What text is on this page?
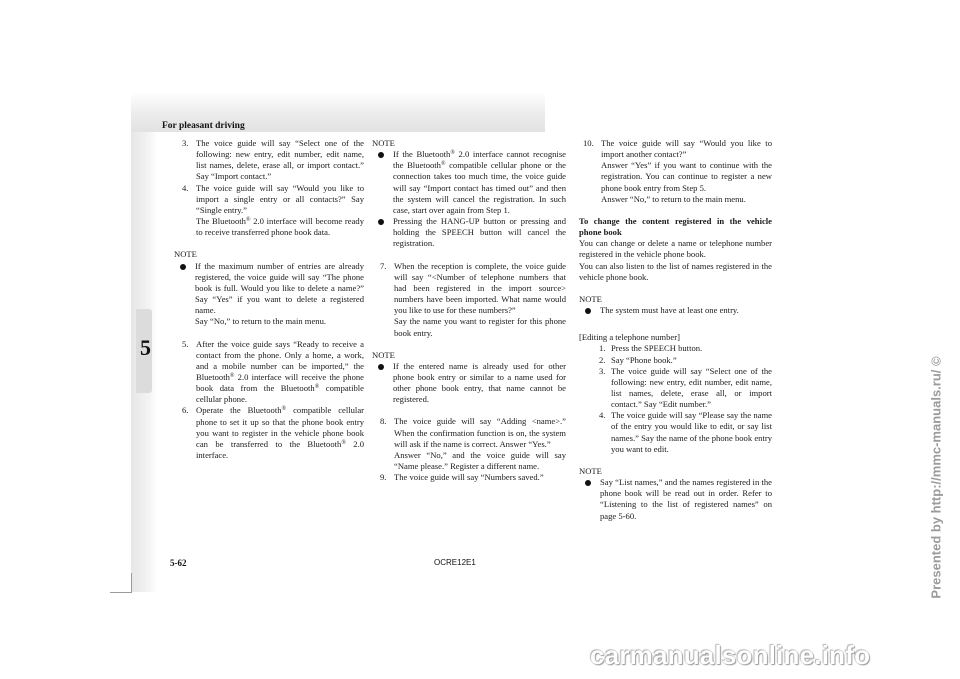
For pleasant driving
5

3. The voice guide will say “Select one of the following: new entry, edit number, edit name, list names, delete, erase all, or import contact.” Say “Import contact.”

4. The voice guide will say “Would you like to import a single entry or all contacts?” Say “Single entry.”
The Bluetooth® 2.0 interface will become ready to receive transferred phone book data.

NOTE

If the maximum number of entries are already registered, the voice guide will say “The phone book is full. Would you like to delete a name?” Say “Yes” if you want to delete a registered name.
Say “No,” to return to the main menu.

5. After the voice guide says “Ready to receive a contact from the phone. Only a home, a work, and a mobile number can be imported,” the Bluetooth® 2.0 interface will receive the phone book data from the Bluetooth® compatible cellular phone.

6. Operate the Bluetooth® compatible cellular phone to set it up so that the phone book entry you want to register in the vehicle phone book can be transferred to the Bluetooth® 2.0 interface.

NOTE

If the Bluetooth® 2.0 interface cannot recognise the Bluetooth® compatible cellular phone or the connection takes too much time, the voice guide will say “Import contact has timed out” and then the system will cancel the registration. In such case, start over again from Step 1.

Pressing the HANG-UP button or pressing and holding the SPEECH button will cancel the registration.

7. When the reception is complete, the voice guide will say “<Number of telephone numbers that had been registered in the import source> numbers have been imported. What name would you like to use for these numbers?”
Say the name you want to register for this phone book entry.

NOTE

If the entered name is already used for other phone book entry or similar to a name used for other phone book entry, that name cannot be registered.

8. The voice guide will say “Adding <name>.” When the confirmation function is on, the system will ask if the name is correct. Answer “Yes.”
Answer “No,” and the voice guide will say “Name please.” Register a different name.

9. The voice guide will say “Numbers saved.”

10. The voice guide will say “Would you like to import another contact?”
Answer “Yes” if you want to continue with the registration. You can continue to register a new phone book entry from Step 5.
Answer “No,” to return to the main menu.

To change the content registered in the vehicle phone book

You can change or delete a name or telephone number registered in the vehicle phone book.

You can also listen to the list of names registered in the vehicle phone book.

NOTE

The system must have at least one entry.

[Editing a telephone number]

1. Press the SPEECH button.

2. Say “Phone book.”

3. The voice guide will say “Select one of the following: new entry, edit number, edit name, list names, delete, erase all, or import contact.” Say “Edit number.”

4. The voice guide will say “Please say the name of the entry you would like to edit, or say list names.” Say the name of the phone book entry you want to edit.

NOTE

Say “List names,” and the names registered in the phone book will be read out in order. Refer to “Listening to the list of registered names” on page 5-60.

5-62	OCRE12E1	Presented by http://mmc-manuals.ru/ ©
carmanualsonline.info
